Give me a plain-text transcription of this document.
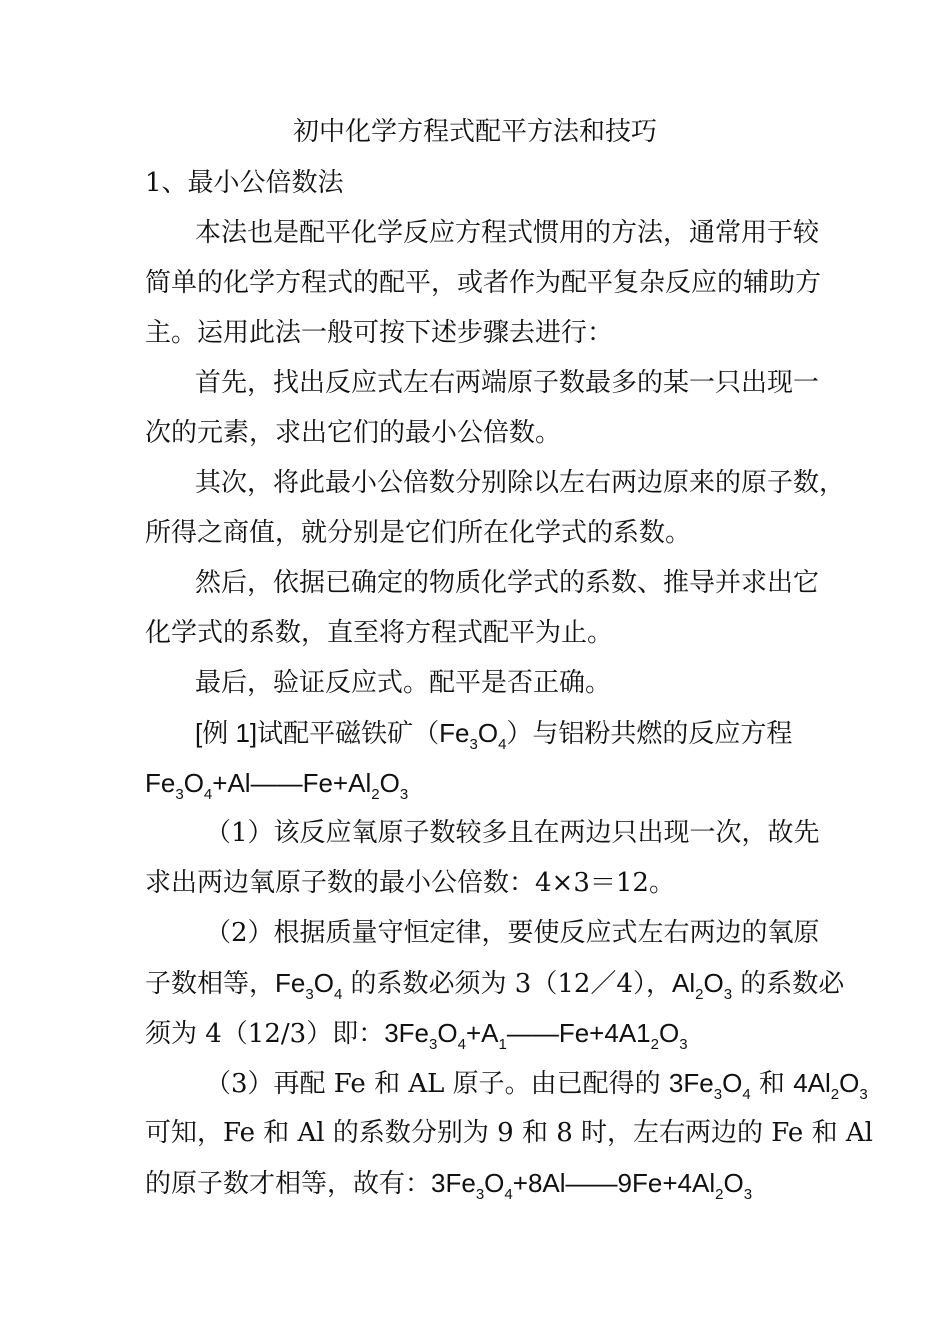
初中化学方程式配平方法和技巧

1、最小公倍数法

本法也是配平化学反应方程式惯用的方法，通常用于较

简单的化学方程式的配平，或者作为配平复杂反应的辅助方

主。运用此法一般可按下述步骤去进行：

首先，找出反应式左右两端原子数最多的某一只出现一

次的元素，求出它们的最小公倍数。

其次，将此最小公倍数分别除以左右两边原来的原子数，

所得之商值，就分别是它们所在化学式的系数。

然后，依据已确定的物质化学式的系数、推导并求出它

化学式的系数，直至将方程式配平为止。

最后，验证反应式。配平是否正确。

[例 1]试配平磁铁矿$(Fe_3O_4)$与铝粉共燃的反应方程

$Fe_3O_4+Al——Fe+Al_2O_3$

（1）该反应氧原子数较多且在两边只出现一次，故先

求出两边氧原子数的最小公倍数：4×3＝12。

（2）根据质量守恒定律，要使反应式左右两边的氧原

子数相等，$Fe_3O_4$ 的系数必须为 3（12／4），$Al_2O_3$ 的系数必

须为 4（12/3）即：$3Fe_3O_4+A_1——Fe+4A1_2O_3$

（3）再配 Fe 和 AL 原子。由已配得的 $3Fe_3O_4$ 和 $4Al_2O_3$

可知，Fe 和 Al 的系数分别为 9 和 8 时，左右两边的 Fe 和 Al

的原子数才相等，故有：$3Fe_3O_4+8Al——9Fe+4Al_2O_3$
